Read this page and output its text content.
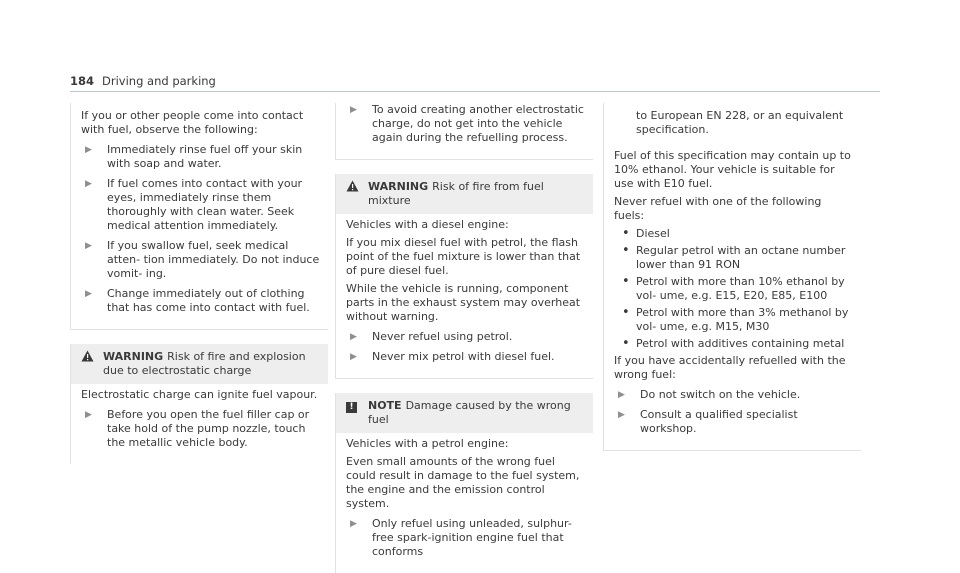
184 Driving and parking

If you or other people come into contact with fuel, observe the following:

▶	Immediately rinse fuel off your skin with soap and water.
▶	If fuel comes into contact with your eyes, immediately rinse them thoroughly with clean water. Seek medical attention immediately.
▶	If you swallow fuel, seek medical atten- tion immediately. Do not induce vomit- ing.
▶	Change immediately out of clothing that has come into contact with fuel.
WARNING Risk of fire and explosion due to electrostatic charge

Electrostatic charge can ignite fuel vapour.

▶	Before you open the fuel filler cap or take hold of the pump nozzle, touch the metallic vehicle body.
▶	To avoid creating another electrostatic charge, do not get into the vehicle again during the refuelling process.
WARNING Risk of fire from fuel mixture

Vehicles with a diesel engine:

If you mix diesel fuel with petrol, the flash point of the fuel mixture is lower than that of pure diesel fuel.

While the vehicle is running, component parts in the exhaust system may overheat without warning.

▶	Never refuel using petrol.
▶	Never mix petrol with diesel fuel.
!	NOTE Damage caused by the wrong fuel

Vehicles with a petrol engine:

Even small amounts of the wrong fuel could result in damage to the fuel system, the engine and the emission control system.

▶	Only refuel using unleaded, sulphur-free spark-ignition engine fuel that conforms

to European EN 228, or an equivalent specification.

Fuel of this specification may contain up to 10% ethanol. Your vehicle is suitable for use with E10 fuel.

Never refuel with one of the following fuels:

• Diesel
• Regular petrol with an octane number lower than 91 RON
• Petrol with more than 10% ethanol by vol- ume, e.g. E15, E20, E85, E100
• Petrol with more than 3% methanol by vol- ume, e.g. M15, M30
• Petrol with additives containing metal

If you have accidentally refuelled with the wrong fuel:

▶	Do not switch on the vehicle.
▶	Consult a qualified specialist workshop.
